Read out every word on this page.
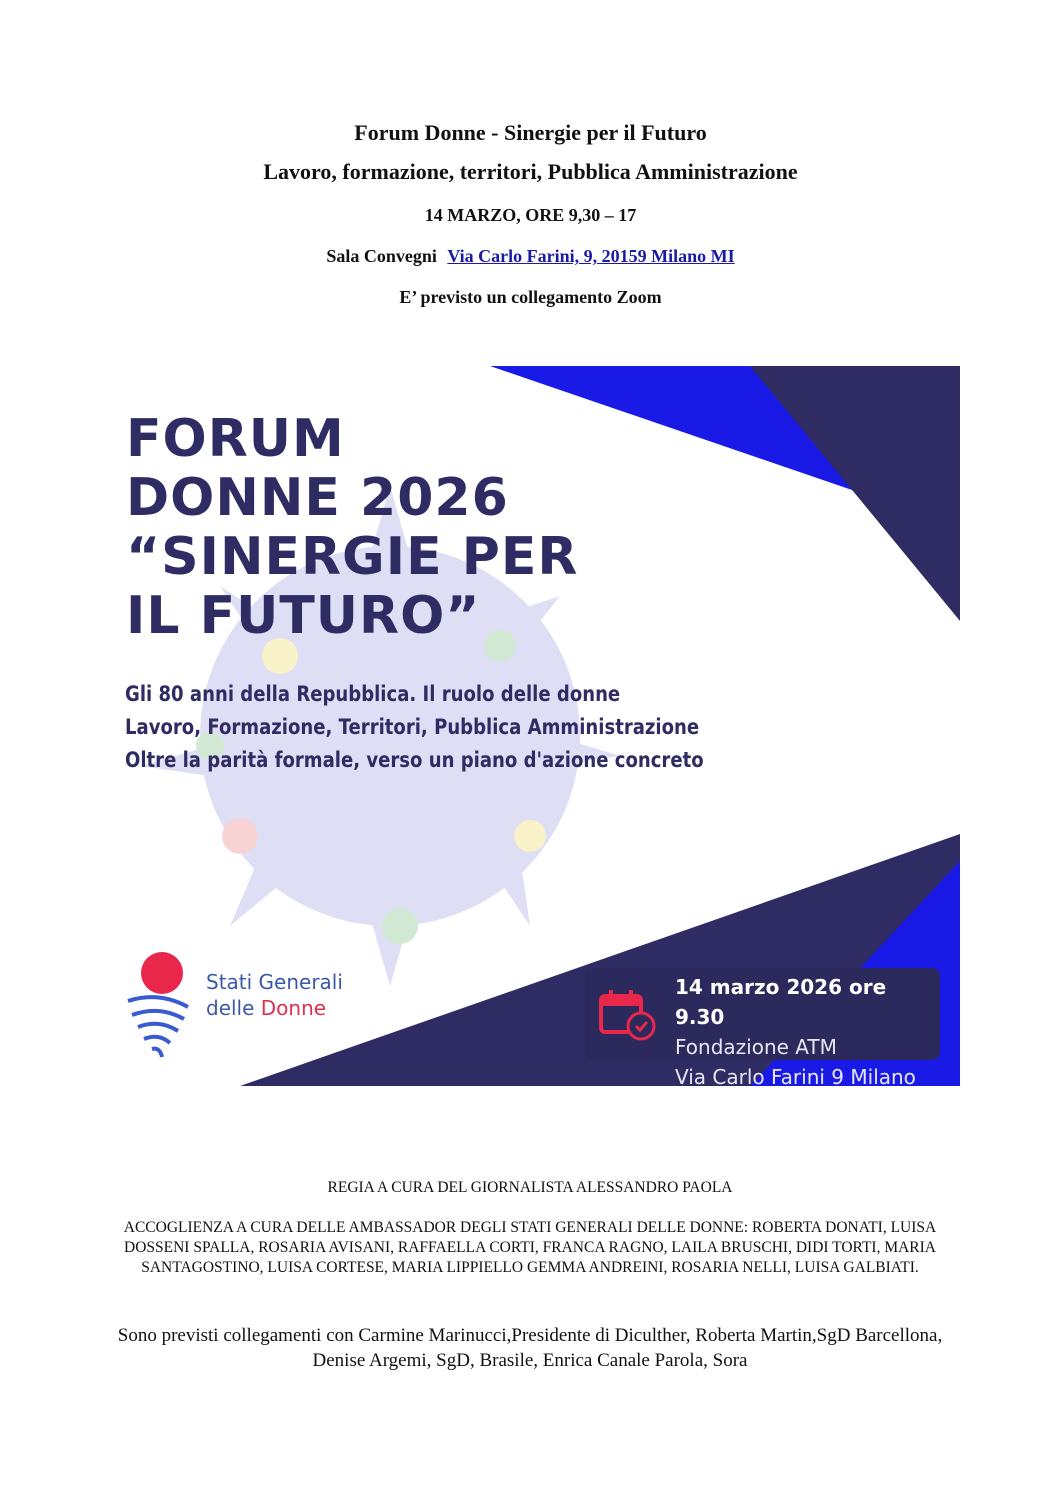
Forum Donne - Sinergie per il Futuro
Lavoro, formazione, territori, Pubblica Amministrazione
14 MARZO, ORE 9,30 – 17
Sala Convegni Via Carlo Farini, 9, 20159 Milano MI
E’ previsto un collegamento Zoom
FORUM
DONNE 2026
“SINERGIE PER
IL FUTURO”
Gli 80 anni della Repubblica. Il ruolo delle donne
Lavoro, Formazione, Territori, Pubblica Amministrazione
Oltre la parità formale, verso un piano d'azione concreto
Stati Generali
delle Donne
14 marzo 2026 ore 9.30
Fondazione ATM
Via Carlo Farini 9 Milano
REGIA A CURA DEL GIORNALISTA ALESSANDRO PAOLA
ACCOGLIENZA A CURA DELLE AMBASSADOR DEGLI STATI GENERALI DELLE DONNE: ROBERTA DONATI, LUISA DOSSENI SPALLA, ROSARIA AVISANI, RAFFAELLA CORTI, FRANCA RAGNO, LAILA BRUSCHI, DIDI TORTI, MARIA SANTAGOSTINO, LUISA CORTESE, MARIA LIPPIELLO GEMMA ANDREINI, ROSARIA NELLI, LUISA GALBIATI.
Sono previsti collegamenti con Carmine Marinucci,Presidente di Diculther, Roberta Martin,SgD Barcellona, Denise Argemi, SgD, Brasile, Enrica Canale Parola, Sora
